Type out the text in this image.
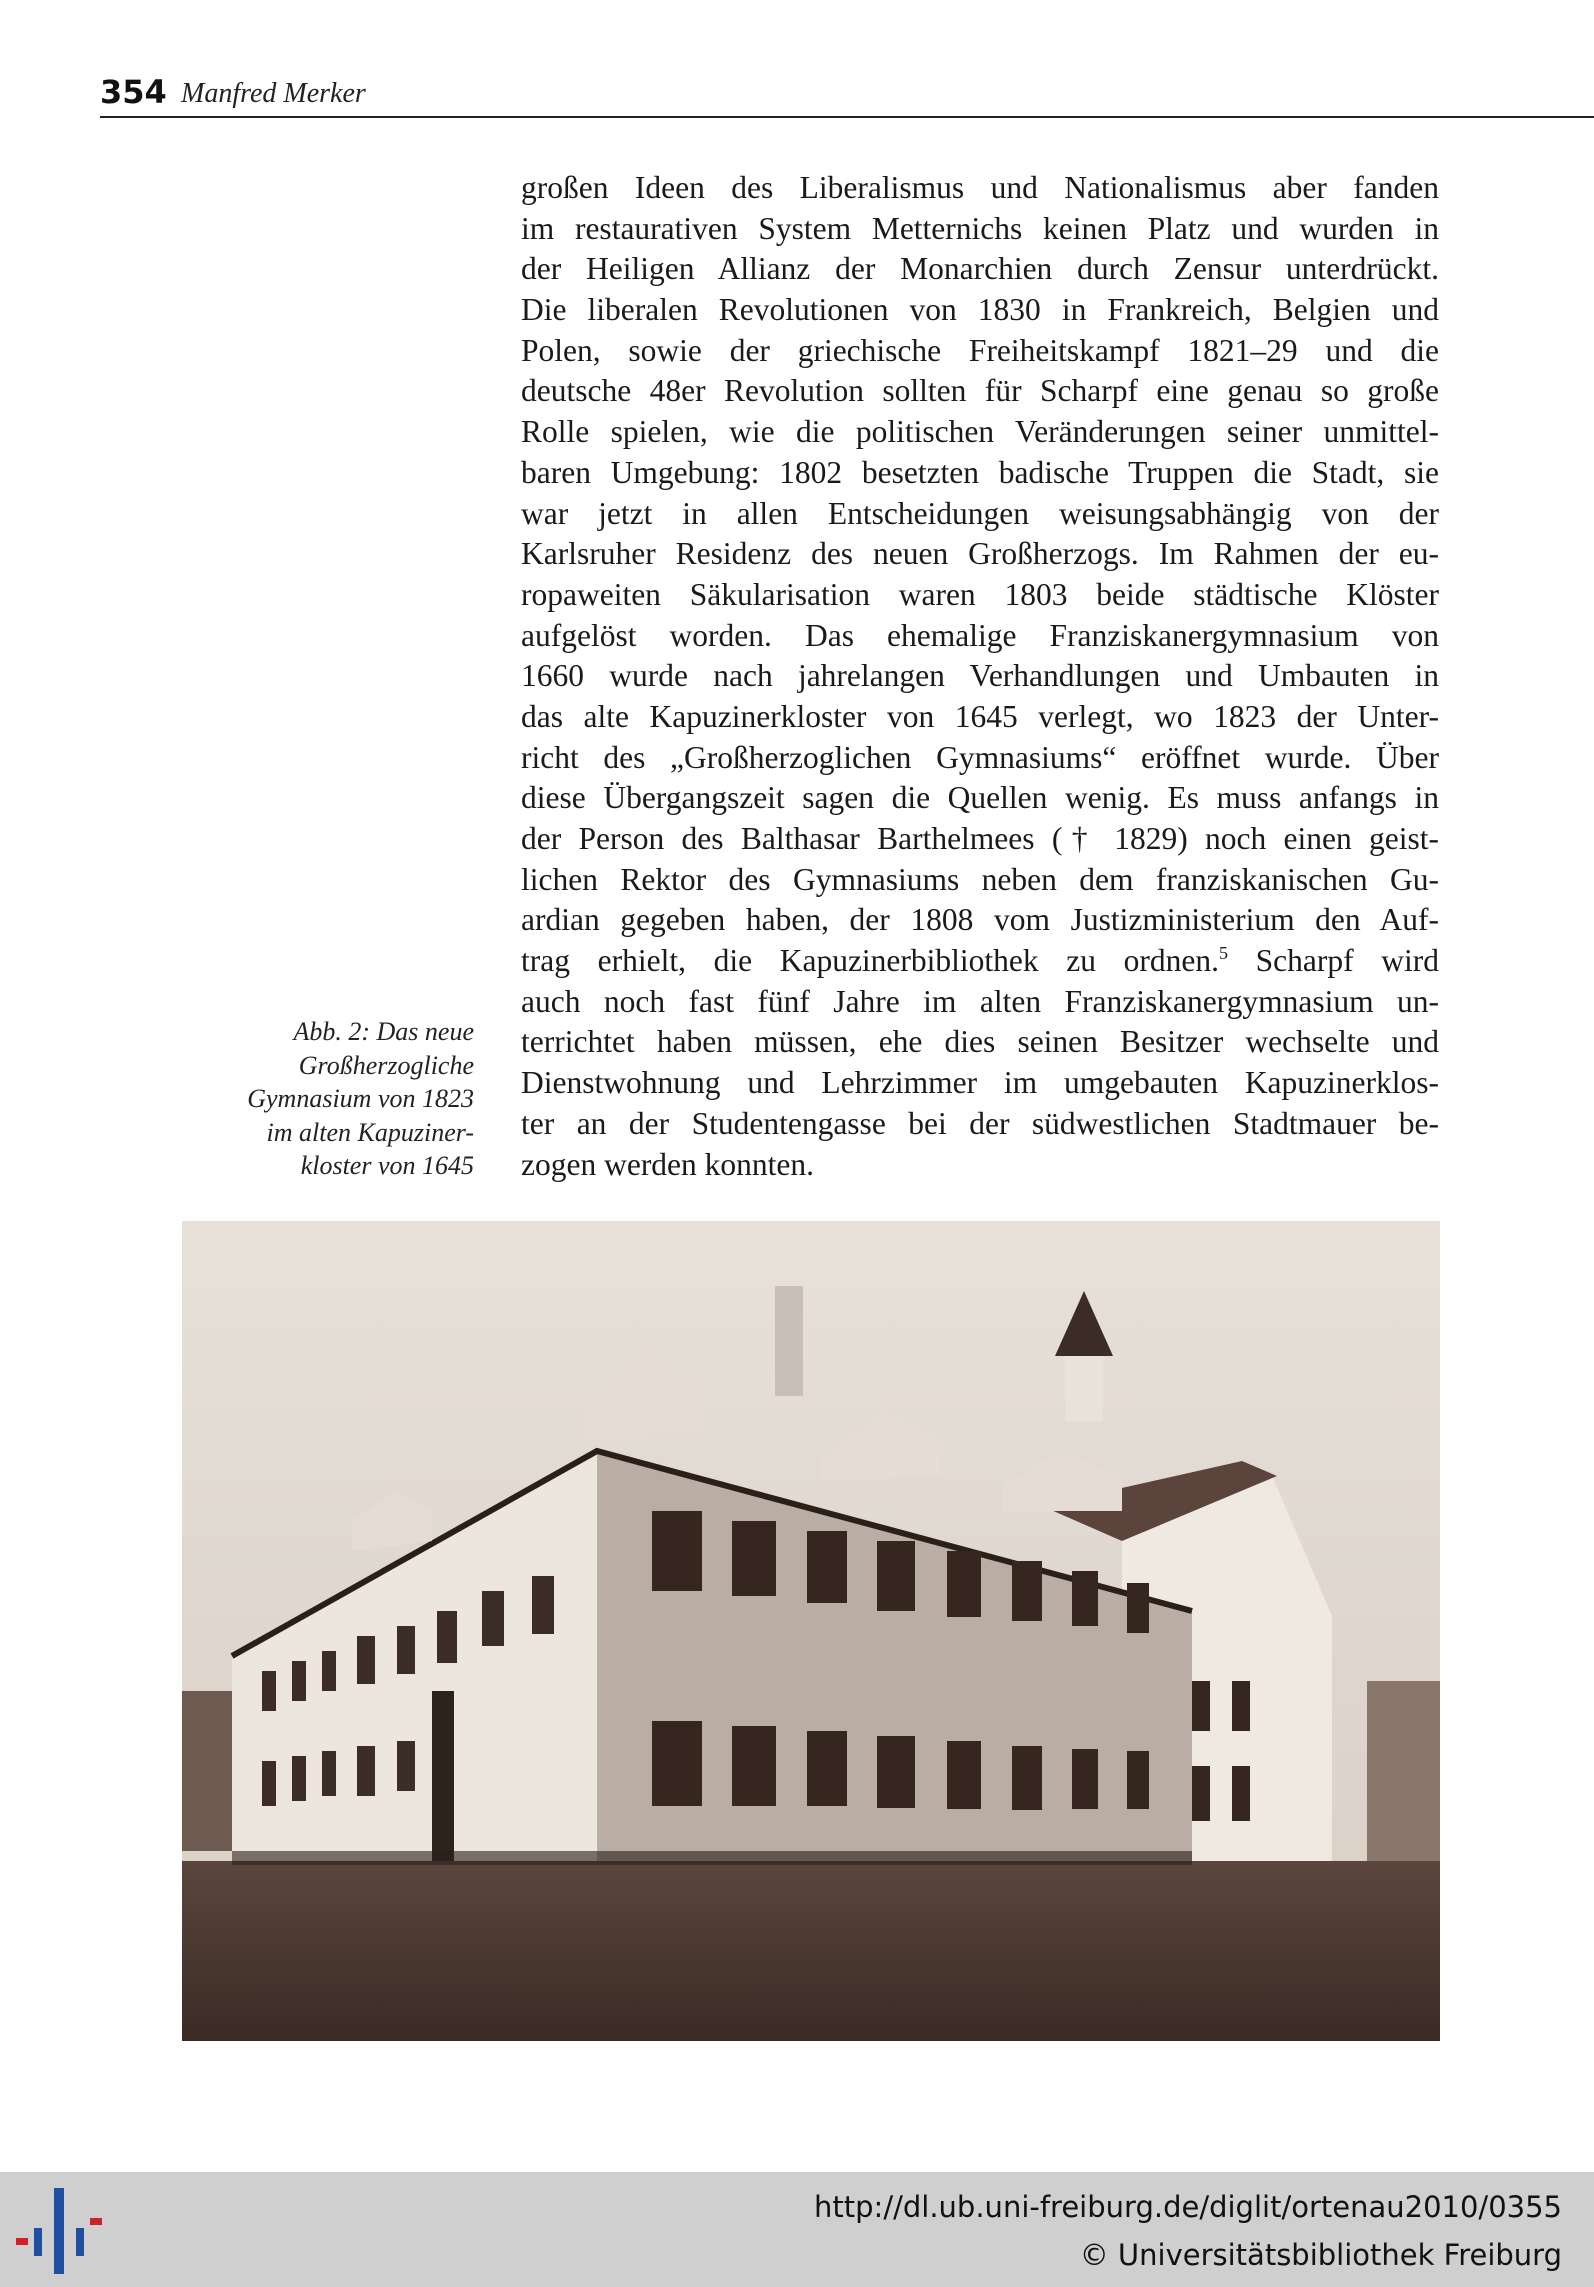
354 Manfred Merker
großen Ideen des Liberalismus und Nationalismus aber fanden
im restaurativen System Metternichs keinen Platz und wurden in
der Heiligen Allianz der Monarchien durch Zensur unterdrückt.
Die liberalen Revolutionen von 1830 in Frankreich, Belgien und
Polen, sowie der griechische Freiheitskampf 1821–29 und die
deutsche 48er Revolution sollten für Scharpf eine genau so große
Rolle spielen, wie die politischen Veränderungen seiner unmittel-
baren Umgebung: 1802 besetzten badische Truppen die Stadt, sie
war jetzt in allen Entscheidungen weisungsabhängig von der
Karlsruher Residenz des neuen Großherzogs. Im Rahmen der eu-
ropaweiten Säkularisation waren 1803 beide städtische Klöster
aufgelöst worden. Das ehemalige Franziskanergymnasium von
1660 wurde nach jahrelangen Verhandlungen und Umbauten in
das alte Kapuzinerkloster von 1645 verlegt, wo 1823 der Unter-
richt des „Großherzoglichen Gymnasiums“ eröffnet wurde. Über
diese Übergangszeit sagen die Quellen wenig. Es muss anfangs in
der Person des Balthasar Barthelmees († 1829) noch einen geist-
lichen Rektor des Gymnasiums neben dem franziskanischen Gu-
ardian gegeben haben, der 1808 vom Justizministerium den Auf-
trag erhielt, die Kapuzinerbibliothek zu ordnen.$^5$ Scharpf wird
auch noch fast fünf Jahre im alten Franziskanergymnasium un-
terrichtet haben müssen, ehe dies seinen Besitzer wechselte und
Dienstwohnung und Lehrzimmer im umgebauten Kapuzinerklos-
ter an der Studentengasse bei der südwestlichen Stadtmauer be-
zogen werden konnten.
Abb. 2: Das neue
Großherzogliche
Gymnasium von 1823
im alten Kapuziner-
kloster von 1645
http://dl.ub.uni-freiburg.de/diglit/ortenau2010/0355
© Universitätsbibliothek Freiburg
